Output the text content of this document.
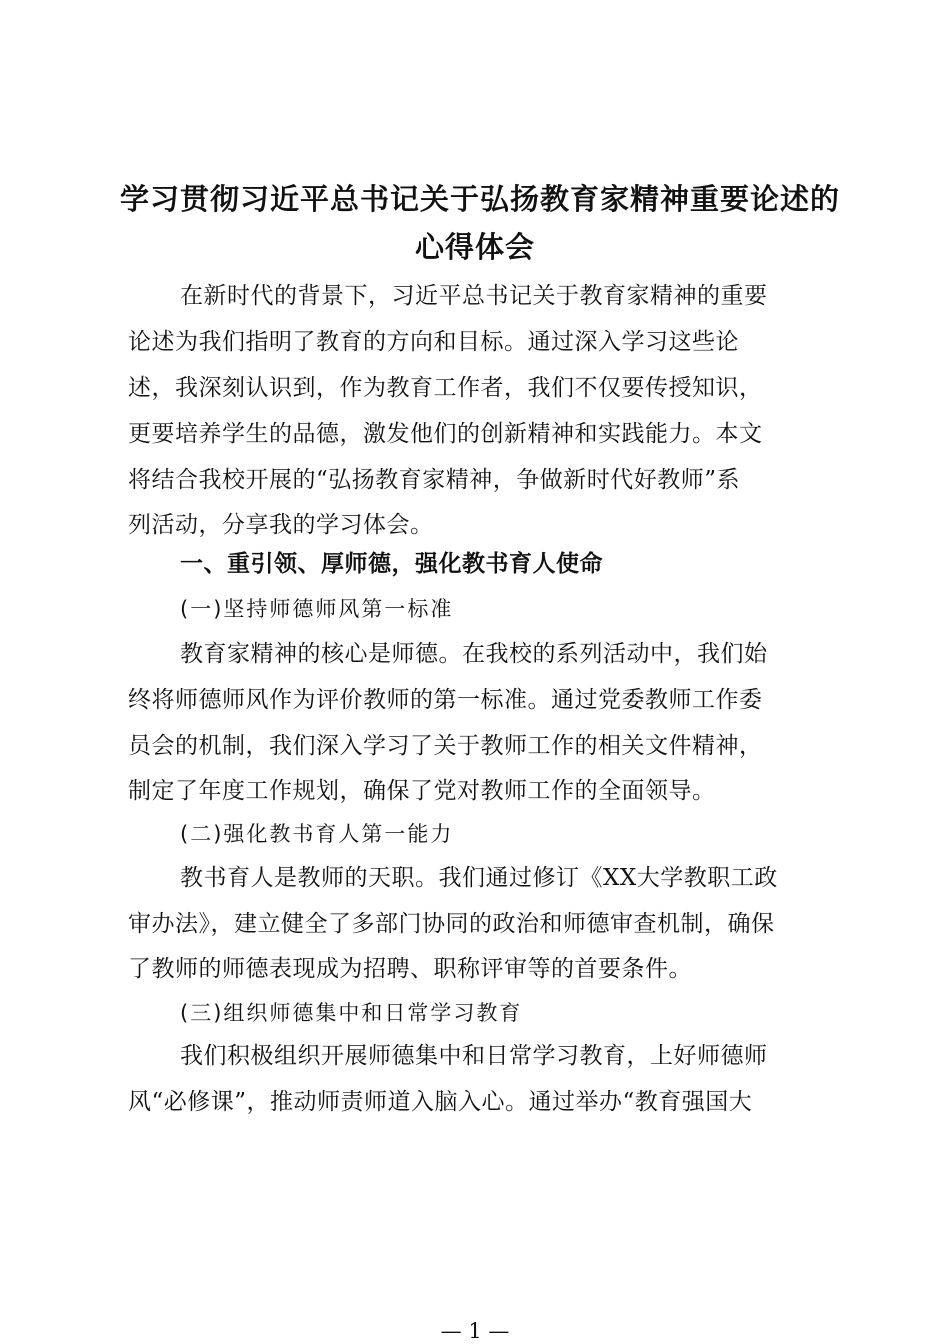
学习贯彻习近平总书记关于弘扬教育家精神重要论述的
心得体会
在新时代的背景下，习近平总书记关于教育家精神的重要
论述为我们指明了教育的方向和目标。通过深入学习这些论
述，我深刻认识到，作为教育工作者，我们不仅要传授知识，
更要培养学生的品德，激发他们的创新精神和实践能力。本文
将结合我校开展的“弘扬教育家精神，争做新时代好教师”系
列活动，分享我的学习体会。
一、重引领、厚师德，强化教书育人使命
(一)坚持师德师风第一标准
教育家精神的核心是师德。在我校的系列活动中，我们始
终将师德师风作为评价教师的第一标准。通过党委教师工作委
员会的机制，我们深入学习了关于教师工作的相关文件精神，
制定了年度工作规划，确保了党对教师工作的全面领导。
(二)强化教书育人第一能力
教书育人是教师的天职。我们通过修订《XX大学教职工政
审办法》，建立健全了多部门协同的政治和师德审查机制，确保
了教师的师德表现成为招聘、职称评审等的首要条件。
(三)组织师德集中和日常学习教育
我们积极组织开展师德集中和日常学习教育，上好师德师
风“必修课”，推动师责师道入脑入心。通过举办“教育强国大
— 1 —
